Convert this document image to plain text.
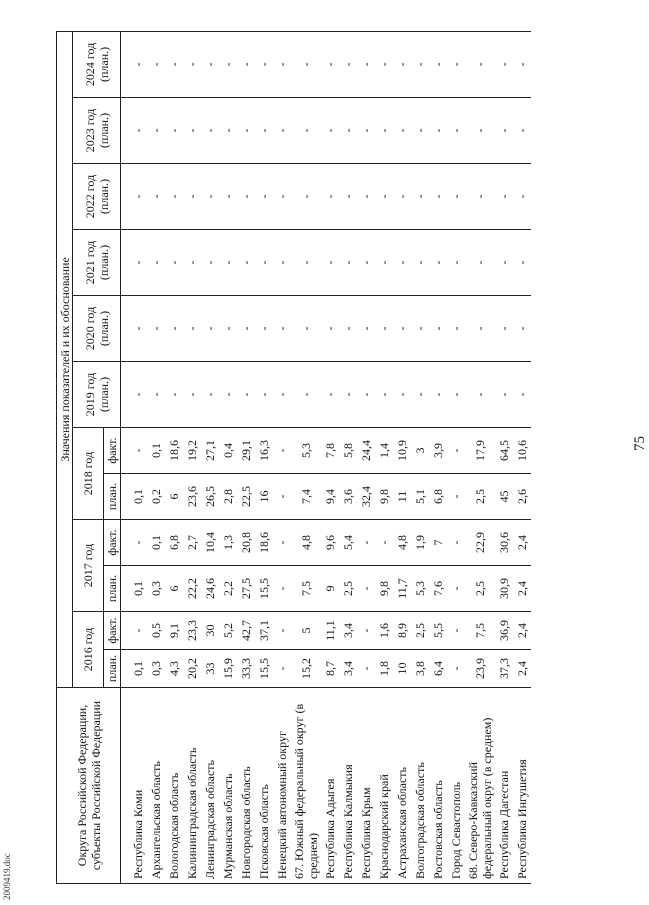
75
Округа Российской Федерации, субъекты Российской Федерации	Значения показателей и их обоснование											
	2016 год		2017 год		2018 год		2019 год (план.)	2020 год (план.)	2021 год (план.)	2022 год (план.)	2023 год (план.)	2024 год (план.)
	план.	факт.	план.	факт.	план.	факт.						

Республика Коми	0,1	-	0,1	-	0,1	-	-	-	-	-	-	-
Архангельская область	0,3	0,5	0,3	0,1	0,2	0,1	-	-	-	-	-	-
Вологодская область	4,3	9,1	6	6,8	6	18,6	-	-	-	-	-	-
Калининградская область	20,2	23,3	22,2	2,7	23,6	19,2	-	-	-	-	-	-
Ленинградская область	33	30	24,6	10,4	26,5	27,1	-	-	-	-	-	-
Мурманская область	15,9	5,2	2,2	1,3	2,8	0,4	-	-	-	-	-	-
Новгородская область	33,3	42,7	27,5	20,8	22,5	29,1	-	-	-	-	-	-
Псковская область	15,5	37,1	15,5	18,6	16	16,3	-	-	-	-	-	-
Ненецкий автономный округ	-	-	-	-	-	-	-	-	-	-	-	-
67. Южный федеральный округ (в среднем)	15,2	5	7,5	4,8	7,4	5,3	-	-	-	-	-	-
Республика Адыгея	8,7	11,1	9	9,6	9,4	7,8	-	-	-	-	-	-
Республика Калмыкия	3,4	3,4	2,5	5,4	3,6	5,8	-	-	-	-	-	-
Республика Крым	-	-	-	-	32,4	24,4	-	-	-	-	-	-
Краснодарский край	1,8	1,6	9,8	-	9,8	1,4	-	-	-	-	-	-
Астраханская область	10	8,9	11,7	4,8	11	10,9	-	-	-	-	-	-
Волгоградская область	3,8	2,5	5,3	1,9	5,1	3	-	-	-	-	-	-
Ростовская область	6,4	5,5	7,6	7	6,8	3,9	-	-	-	-	-	-
Город Севастополь	-	-	-	-	-	-	-	-	-	-	-	-
68. Северо-Кавказский федеральный округ (в среднем)	23,9	7,5	2,5	22,9	2,5	17,9	-	-	-	-	-	-
Республика Дагестан	37,3	36,9	30,9	30,6	45	64,5	-	-	-	-	-	-
Республика Ингушетия	2,4	2,4	2,4	2,4	2,6	10,6	-	-	-	-	-	-
2009419.doc
